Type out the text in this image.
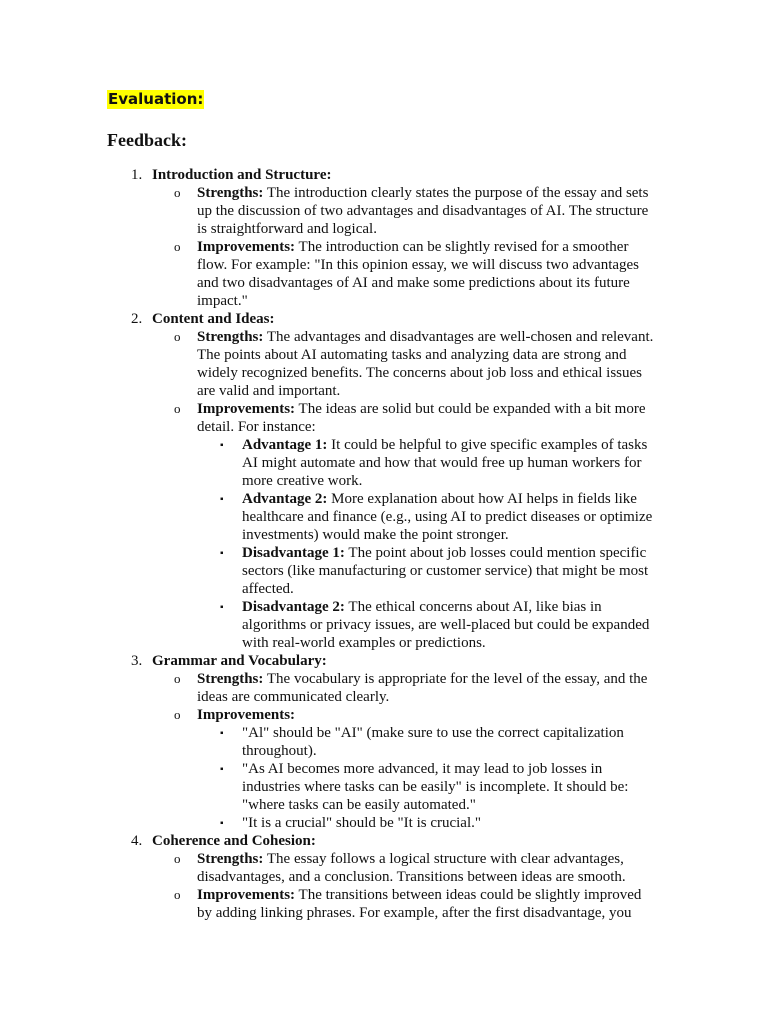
Evaluation:
Feedback:
1. Introduction and Structure:
o Strengths: The introduction clearly states the purpose of the essay and sets
up the discussion of two advantages and disadvantages of AI. The structure
is straightforward and logical.
o Improvements: The introduction can be slightly revised for a smoother
flow. For example: "In this opinion essay, we will discuss two advantages
and two disadvantages of AI and make some predictions about its future
impact."
2. Content and Ideas:
o Strengths: The advantages and disadvantages are well-chosen and relevant.
The points about AI automating tasks and analyzing data are strong and
widely recognized benefits. The concerns about job loss and ethical issues
are valid and important.
o Improvements: The ideas are solid but could be expanded with a bit more
detail. For instance:
▪ Advantage 1: It could be helpful to give specific examples of tasks
AI might automate and how that would free up human workers for
more creative work.
▪ Advantage 2: More explanation about how AI helps in fields like
healthcare and finance (e.g., using AI to predict diseases or optimize
investments) would make the point stronger.
▪ Disadvantage 1: The point about job losses could mention specific
sectors (like manufacturing or customer service) that might be most
affected.
▪ Disadvantage 2: The ethical concerns about AI, like bias in
algorithms or privacy issues, are well-placed but could be expanded
with real-world examples or predictions.
3. Grammar and Vocabulary:
o Strengths: The vocabulary is appropriate for the level of the essay, and the
ideas are communicated clearly.
o Improvements:
▪ "Al" should be "AI" (make sure to use the correct capitalization
throughout).
▪ "As AI becomes more advanced, it may lead to job losses in
industries where tasks can be easily" is incomplete. It should be:
"where tasks can be easily automated."
▪ "It is a crucial" should be "It is crucial."
4. Coherence and Cohesion:
o Strengths: The essay follows a logical structure with clear advantages,
disadvantages, and a conclusion. Transitions between ideas are smooth.
o Improvements: The transitions between ideas could be slightly improved
by adding linking phrases. For example, after the first disadvantage, you
